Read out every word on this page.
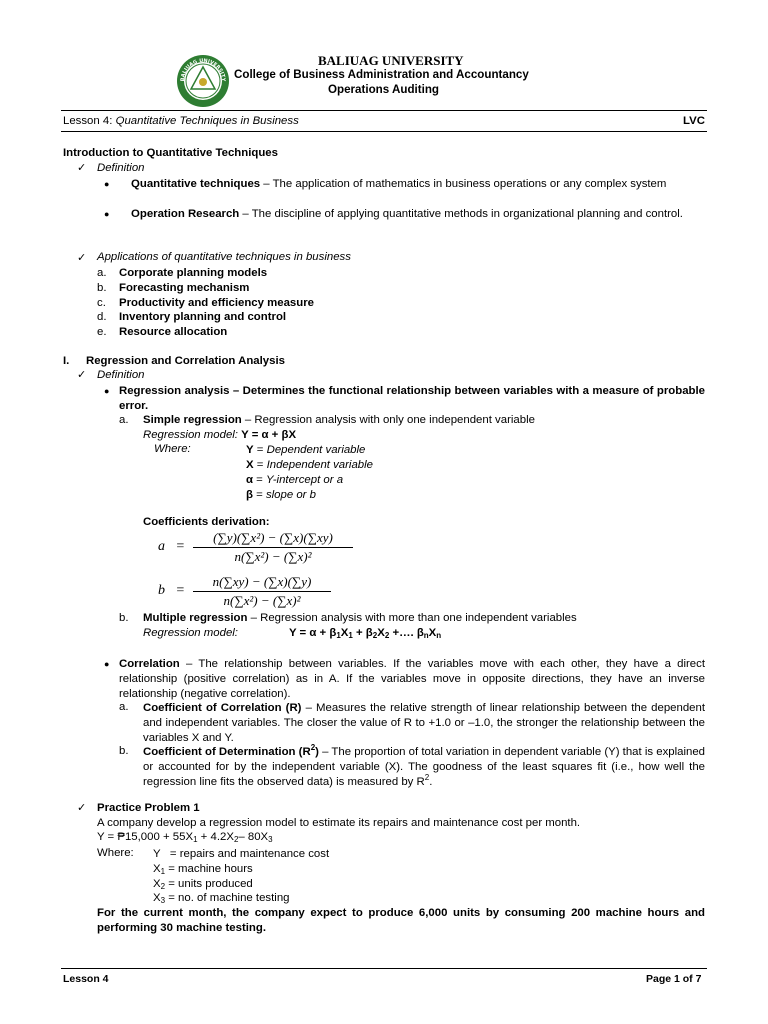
BALIUAG UNIVERSITY
BALIUAG UNIVERSITY
College of Business Administration and Accountancy
Operations Auditing
Lesson 4: Quantitative Techniques in Business	LVC
Introduction to Quantitative Techniques
✓ Definition
● Quantitative techniques – The application of mathematics in business operations or any complex system
● Operation Research – The discipline of applying quantitative methods in organizational planning and control.
✓ Applications of quantitative techniques in business
a. Corporate planning models
b. Forecasting mechanism
c. Productivity and efficiency measure
d. Inventory planning and control
e. Resource allocation
I. Regression and Correlation Analysis
✓ Definition
● Regression analysis – Determines the functional relationship between variables with a measure of probable error.
a. Simple regression – Regression analysis with only one independent variable
Regression model: Y = α + βX
Where:	Y = Dependent variable
X = Independent variable
α = Y-intercept or a
β = slope or b
Coefficients derivation:
a   =
(∑y)(∑x²) − (∑x)(∑xy)
n(∑x²) − (∑x)²
b   =
n(∑xy) − (∑x)(∑y)
n(∑x²) − (∑x)²
b. Multiple regression – Regression analysis with more than one independent variables
Regression model:	$Y = \alpha + \beta_1X_1 + \beta_2X_2$ +…. $\beta_nX_n$
● Correlation – The relationship between variables. If the variables move with each other, they have a direct relationship (positive correlation) as in A. If the variables move in opposite directions, they have an inverse relationship (negative correlation).
a. Coefficient of Correlation (R) – Measures the relative strength of linear relationship between the dependent and independent variables. The closer the value of R to +1.0 or –1.0, the stronger the relationship between the variables X and Y.
b. Coefficient of Determination $(R^2)$ – The proportion of total variation in dependent variable (Y) that is explained or accounted for by the independent variable (X). The goodness of the least squares fit (i.e., how well the regression line fits the observed data) is measured by $R^2$.
✓ Practice Problem 1
A company develop a regression model to estimate its repairs and maintenance cost per month.
Y = ₱15,000 + $55X_1 + 4.2X_2-$ $80X_3$
Where: Y   = repairs and maintenance cost
$X_1$ = machine hours
$X_2$ = units produced
$X_3$ = no. of machine testing
For the current month, the company expect to produce 6,000 units by consuming 200 machine hours and performing 30 machine testing.
Lesson 4	Page 1 of 7
